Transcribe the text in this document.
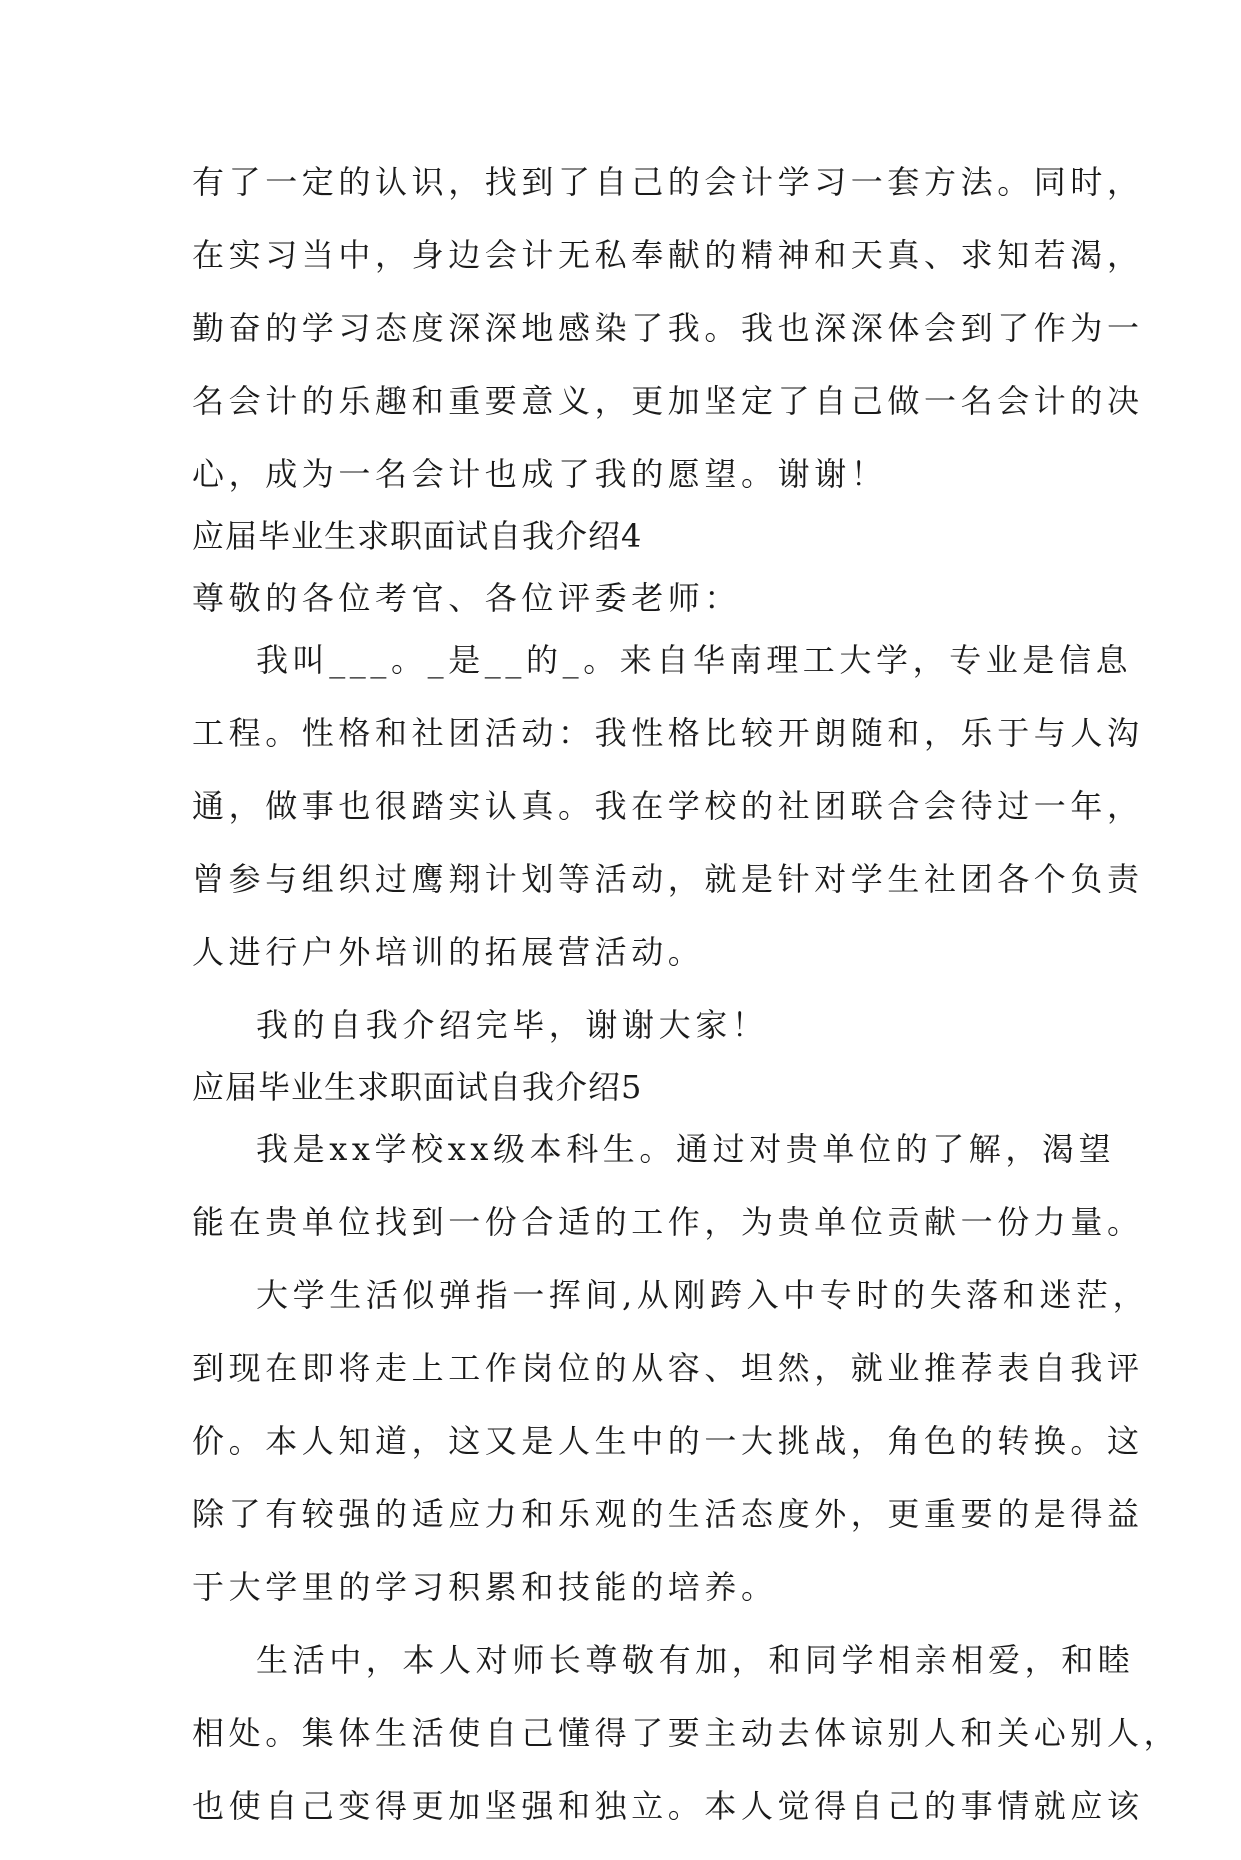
有了一定的认识，找到了自己的会计学习一套方法。同时，
在实习当中，身边会计无私奉献的精神和天真、求知若渴，
勤奋的学习态度深深地感染了我。我也深深体会到了作为一
名会计的乐趣和重要意义，更加坚定了自己做一名会计的决
心，成为一名会计也成了我的愿望。谢谢！
应届毕业生求职面试自我介绍4
尊敬的各位考官、各位评委老师：
我叫___。_是__的_。来自华南理工大学，专业是信息
工程。性格和社团活动：我性格比较开朗随和，乐于与人沟
通，做事也很踏实认真。我在学校的社团联合会待过一年，
曾参与组织过鹰翔计划等活动，就是针对学生社团各个负责
人进行户外培训的拓展营活动。
我的自我介绍完毕，谢谢大家！
应届毕业生求职面试自我介绍5
我是xx学校xx级本科生。通过对贵单位的了解，渴望
能在贵单位找到一份合适的工作，为贵单位贡献一份力量。
大学生活似弹指一挥间,从刚跨入中专时的失落和迷茫，
到现在即将走上工作岗位的从容、坦然，就业推荐表自我评
价。本人知道，这又是人生中的一大挑战，角色的转换。这
除了有较强的适应力和乐观的生活态度外，更重要的是得益
于大学里的学习积累和技能的培养。
生活中，本人对师长尊敬有加，和同学相亲相爱，和睦
相处。集体生活使自己懂得了要主动去体谅别人和关心别人，
也使自己变得更加坚强和独立。本人觉得自己的事情就应该
